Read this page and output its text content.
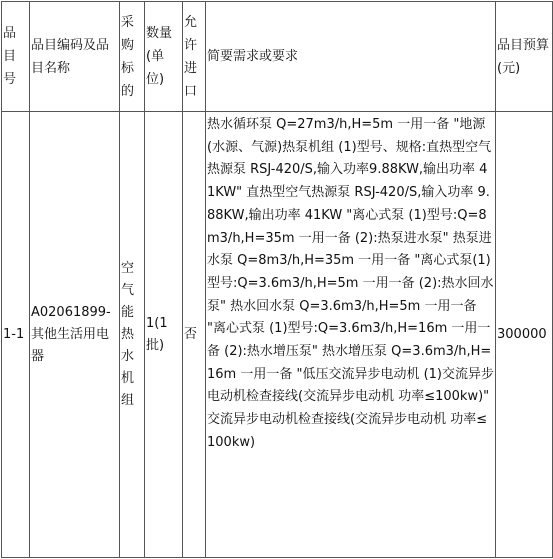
品目号	品目编码及品目名称	采购标的	数量(单位)	允许进口	简要需求或要求	品目预算(元)
1-1	A02061899-其他生活用电器	空气能热水机组	1(1批)	否	热水循环泵 Q=27m3/h,H=5m 一用一备 "地源(水源、气源)热泵机组 (1)型号、规格:直热型空气热源泵 RSJ-420/S,输入功率9.88KW,输出功率 41KW" 直热型空气热源泵 RSJ-420/S,输入功率 9.88KW,输出功率 41KW "离心式泵 (1)型号:Q=8m3/h,H=35m 一用一备 (2):热泵进水泵" 热泵进水泵 Q=8m3/h,H=35m 一用一备 "离心式泵(1)型号:Q=3.6m3/h,H=5m 一用一备 (2):热水回水泵" 热水回水泵 Q=3.6m3/h,H=5m 一用一备 "离心式泵 (1)型号:Q=3.6m3/h,H=16m 一用一备 (2):热水增压泵" 热水增压泵 Q=3.6m3/h,H=16m 一用一备 "低压交流异步电动机 (1)交流异步电动机检查接线(交流异步电动机 功率≤100kw)" 交流异步电动机检查接线(交流异步电动机 功率≤100kw)	300000
